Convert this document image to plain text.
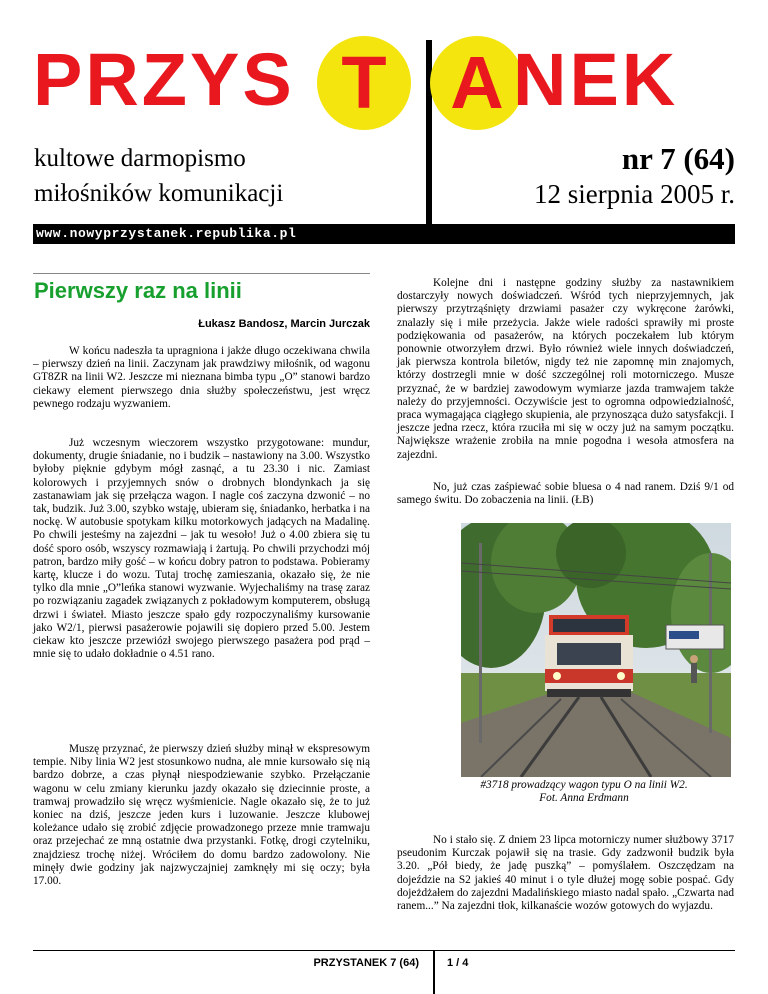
PRZYS T A NEK
kultowe darmopismo
miłośników komunikacji
nr 7 (64)
12 sierpnia 2005 r.
www.nowyprzystanek.republika.pl
Pierwszy raz na linii
Łukasz Bandosz, Marcin Jurczak

W końcu nadeszła ta upragniona i jakże długo oczekiwana chwila – pierwszy dzień na linii. Zaczynam jak prawdziwy miłośnik, od wagonu GT8ZR na linii W2. Jeszcze mi nieznana bimba typu „O” stanowi bardzo ciekawy element pierwszego dnia służby społeczeństwu, jest wręcz pewnego rodzaju wyzwaniem.

Już wczesnym wieczorem wszystko przygotowane: mundur, dokumenty, drugie śniadanie, no i budzik – nastawiony na 3.00. Wszystko byłoby pięknie gdybym mógł zasnąć, a tu 23.30 i nic. Zamiast kolorowych i przyjemnych snów o drobnych blondynkach ja się zastanawiam jak się przełącza wagon. I nagle coś zaczyna dzwonić – no tak, budzik. Już 3.00, szybko wstaję, ubieram się, śniadanko, herbatka i na nockę. W autobusie spotykam kilku motorkowych jadących na Madalinę. Po chwili jesteśmy na zajezdni – jak tu wesoło! Już o 4.00 zbiera się tu dość sporo osób, wszyscy rozmawiają i żartują. Po chwili przychodzi mój patron, bardzo miły gość – w końcu dobry patron to podstawa. Pobieramy kartę, klucze i do wozu. Tutaj trochę zamieszania, okazało się, że nie tylko dla mnie „O”leńka stanowi wyzwanie. Wyjechaliśmy na trasę zaraz po rozwiązaniu zagadek związanych z pokładowym komputerem, obsługą drzwi i świateł. Miasto jeszcze spało gdy rozpoczynaliśmy kursowanie jako W2/1, pierwsi pasażerowie pojawili się dopiero przed 5.00. Jestem ciekaw kto jeszcze przewiózł swojego pierwszego pasażera pod prąd – mnie się to udało dokładnie o 4.51 rano.

Muszę przyznać, że pierwszy dzień służby minął w ekspresowym tempie. Niby linia W2 jest stosunkowo nudna, ale mnie kursowało się nią bardzo dobrze, a czas płynął niespodziewanie szybko. Przełączanie wagonu w celu zmiany kierunku jazdy okazało się dziecinnie proste, a tramwaj prowadziło się wręcz wyśmienicie. Nagle okazało się, że to już koniec na dziś, jeszcze jeden kurs i luzowanie. Jeszcze klubowej koleżance udało się zrobić zdjęcie prowadzonego przeze mnie tramwaju oraz przejechać ze mną ostatnie dwa przystanki. Fotkę, drogi czytelniku, znajdziesz trochę niżej. Wróciłem do domu bardzo zadowolony. Nie minęły dwie godziny jak najzwyczajniej zamknęły mi się oczy; była 17.00.

Kolejne dni i następne godziny służby za nastawnikiem dostarczyły nowych doświadczeń. Wśród tych nieprzyjemnych, jak pierwszy przytrząśnięty drzwiami pasażer czy wykręcone żarówki, znalazły się i miłe przeżycia. Jakże wiele radości sprawiły mi proste podziękowania od pasażerów, na których poczekałem lub którym ponownie otworzyłem drzwi. Było również wiele innych doświadczeń, jak pierwsza kontrola biletów, nigdy też nie zapomnę min znajomych, którzy dostrzegli mnie w dość szczególnej roli motorniczego. Musze przyznać, że w bardziej zawodowym wymiarze jazda tramwajem także należy do przyjemności. Oczywiście jest to ogromna odpowiedzialność, praca wymagająca ciągłego skupienia, ale przynosząca dużo satysfakcji. I jeszcze jedna rzecz, która rzuciła mi się w oczy już na samym początku. Największe wrażenie zrobiła na mnie pogodna i wesoła atmosfera na zajezdni.

No, już czas zaśpiewać sobie bluesa o 4 nad ranem. Dziś 9/1 od samego świtu. Do zobaczenia na linii. (ŁB)

#3718 prowadzący wagon typu O na linii W2.
Fot. Anna Erdmann

No i stało się. Z dniem 23 lipca motorniczy numer służbowy 3717 pseudonim Kurczak pojawił się na trasie. Gdy zadzwonił budzik była 3.20. „Pół biedy, że jadę puszką” – pomyślałem. Oszczędzam na dojeździe na S2 jakieś 40 minut i o tyle dłużej mogę sobie pospać. Gdy dojeżdżałem do zajezdni Madalińskiego miasto nadal spało. „Czwarta nad ranem...” Na zajezdni tłok, kilkanaście wozów gotowych do wyjazdu.

PRZYSTANEK 7 (64)	1 / 4
